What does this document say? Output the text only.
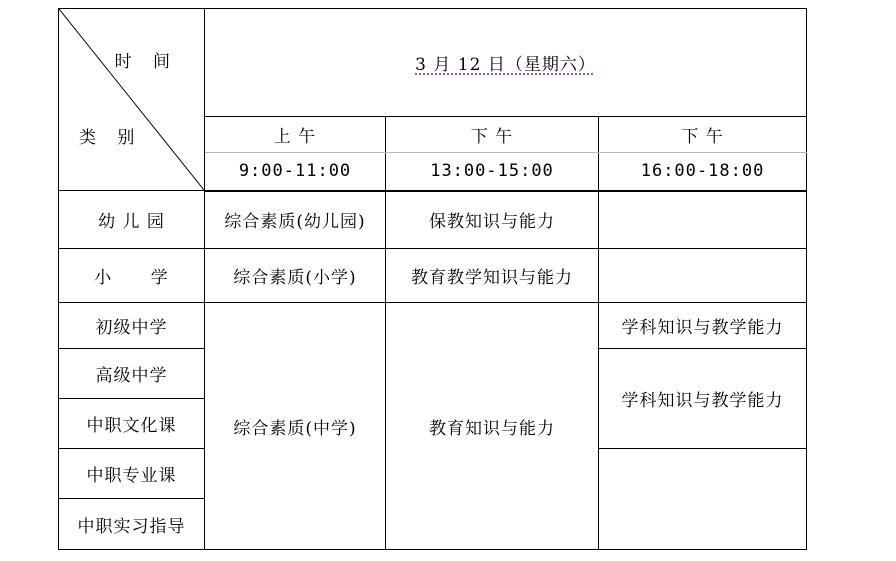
时 间
类 别	3 月 12 日（星期六）		
	上 午	下 午	下 午
	9:00-11:00	13:00-15:00	16:00-18:00
幼 儿 园	综合素质(幼儿园)	保教知识与能力	
小      学	综合素质(小学)	教育教学知识与能力	
初级中学	综合素质(中学)	教育知识与能力	学科知识与教学能力
高级中学			学科知识与教学能力
中职文化课			
中职专业课			
中职实习指导			
